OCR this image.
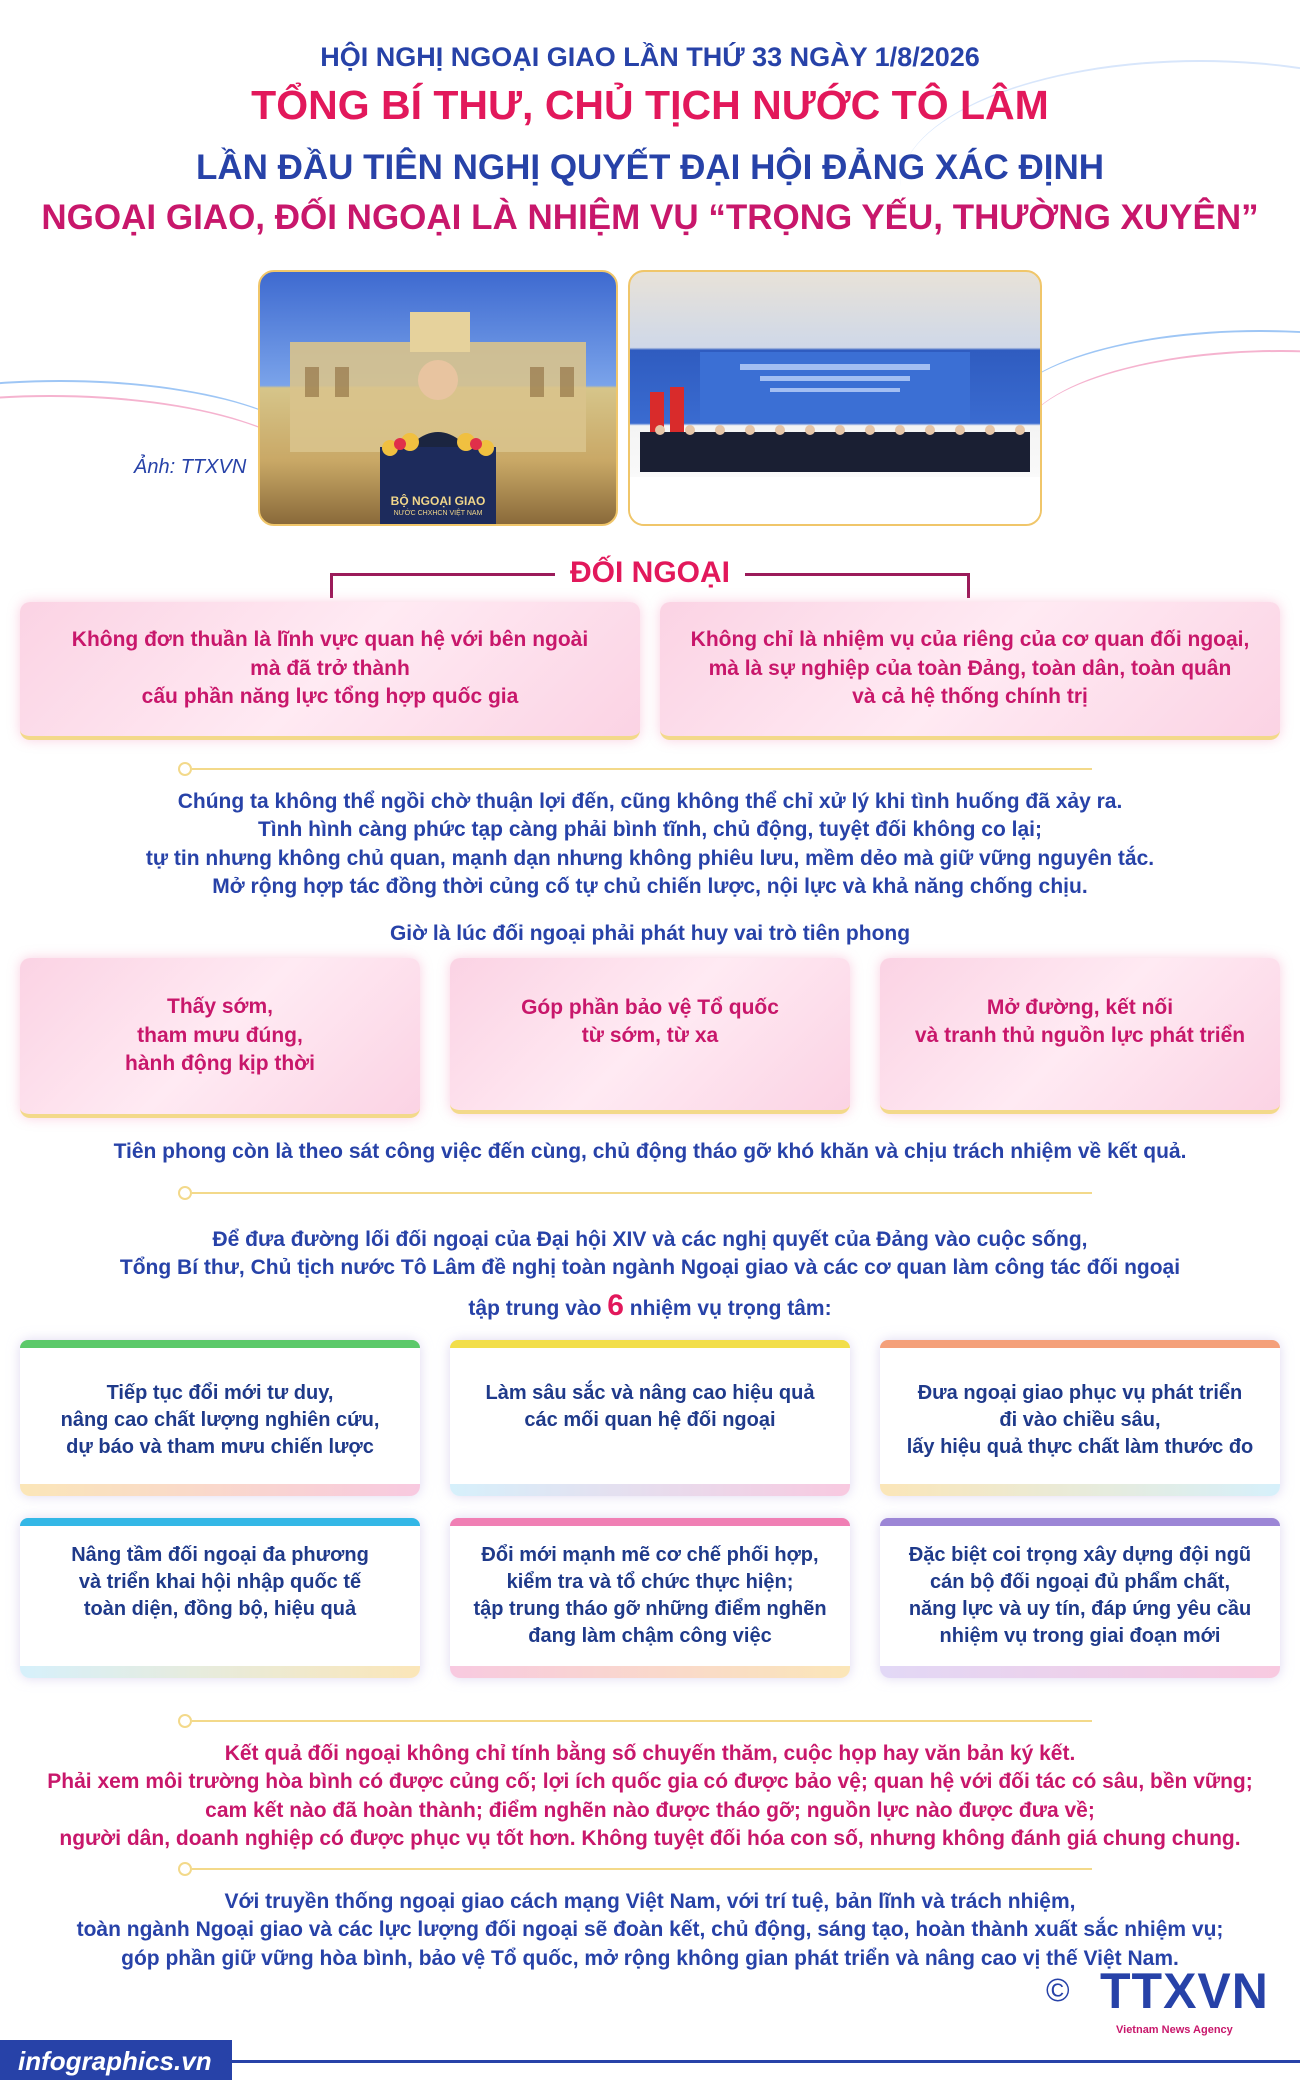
HỘI NGHỊ NGOẠI GIAO LẦN THỨ 33 NGÀY 1/8/2026
TỔNG BÍ THƯ, CHỦ TỊCH NƯỚC TÔ LÂM
LẦN ĐẦU TIÊN NGHỊ QUYẾT ĐẠI HỘI ĐẢNG XÁC ĐỊNH
NGOẠI GIAO, ĐỐI NGOẠI LÀ NHIỆM VỤ “TRỌNG YẾU, THƯỜNG XUYÊN”
BỘ NGOẠI GIAO
NƯỚC CHXHCN VIỆT NAM
Ảnh: TTXVN
ĐỐI NGOẠI
Không đơn thuần là lĩnh vực quan hệ với bên ngoài
mà đã trở thành
cấu phần năng lực tổng hợp quốc gia
Không chỉ là nhiệm vụ của riêng của cơ quan đối ngoại,
mà là sự nghiệp của toàn Đảng, toàn dân, toàn quân
và cả hệ thống chính trị
Chúng ta không thể ngồi chờ thuận lợi đến, cũng không thể chỉ xử lý khi tình huống đã xảy ra.
Tình hình càng phức tạp càng phải bình tĩnh, chủ động, tuyệt đối không co lại;
tự tin nhưng không chủ quan, mạnh dạn nhưng không phiêu lưu, mềm dẻo mà giữ vững nguyên tắc.
Mở rộng hợp tác đồng thời củng cố tự chủ chiến lược, nội lực và khả năng chống chịu.
Giờ là lúc đối ngoại phải phát huy vai trò tiên phong
Thấy sớm,
tham mưu đúng,
hành động kịp thời
Góp phần bảo vệ Tổ quốc
từ sớm, từ xa
Mở đường, kết nối
và tranh thủ nguồn lực phát triển
Tiên phong còn là theo sát công việc đến cùng, chủ động tháo gỡ khó khăn và chịu trách nhiệm về kết quả.
Để đưa đường lối đối ngoại của Đại hội XIV và các nghị quyết của Đảng vào cuộc sống,
Tổng Bí thư, Chủ tịch nước Tô Lâm đề nghị toàn ngành Ngoại giao và các cơ quan làm công tác đối ngoại
tập trung vào 6 nhiệm vụ trọng tâm:
Tiếp tục đổi mới tư duy,
nâng cao chất lượng nghiên cứu,
dự báo và tham mưu chiến lược
Làm sâu sắc và nâng cao hiệu quả
các mối quan hệ đối ngoại
Đưa ngoại giao phục vụ phát triển
đi vào chiều sâu,
lấy hiệu quả thực chất làm thước đo
Nâng tầm đối ngoại đa phương
và triển khai hội nhập quốc tế
toàn diện, đồng bộ, hiệu quả
Đổi mới mạnh mẽ cơ chế phối hợp,
kiểm tra và tổ chức thực hiện;
tập trung tháo gỡ những điểm nghẽn
đang làm chậm công việc
Đặc biệt coi trọng xây dựng đội ngũ
cán bộ đối ngoại đủ phẩm chất,
năng lực và uy tín, đáp ứng yêu cầu
nhiệm vụ trong giai đoạn mới
Kết quả đối ngoại không chỉ tính bằng số chuyến thăm, cuộc họp hay văn bản ký kết.
Phải xem môi trường hòa bình có được củng cố; lợi ích quốc gia có được bảo vệ; quan hệ với đối tác có sâu, bền vững;
cam kết nào đã hoàn thành; điểm nghẽn nào được tháo gỡ; nguồn lực nào được đưa về;
người dân, doanh nghiệp có được phục vụ tốt hơn. Không tuyệt đối hóa con số, nhưng không đánh giá chung chung.
Với truyền thống ngoại giao cách mạng Việt Nam, với trí tuệ, bản lĩnh và trách nhiệm,
toàn ngành Ngoại giao và các lực lượng đối ngoại sẽ đoàn kết, chủ động, sáng tạo, hoàn thành xuất sắc nhiệm vụ;
góp phần giữ vững hòa bình, bảo vệ Tổ quốc, mở rộng không gian phát triển và nâng cao vị thế Việt Nam.
infographics.vn
© TTXVN
Vietnam News Agency
